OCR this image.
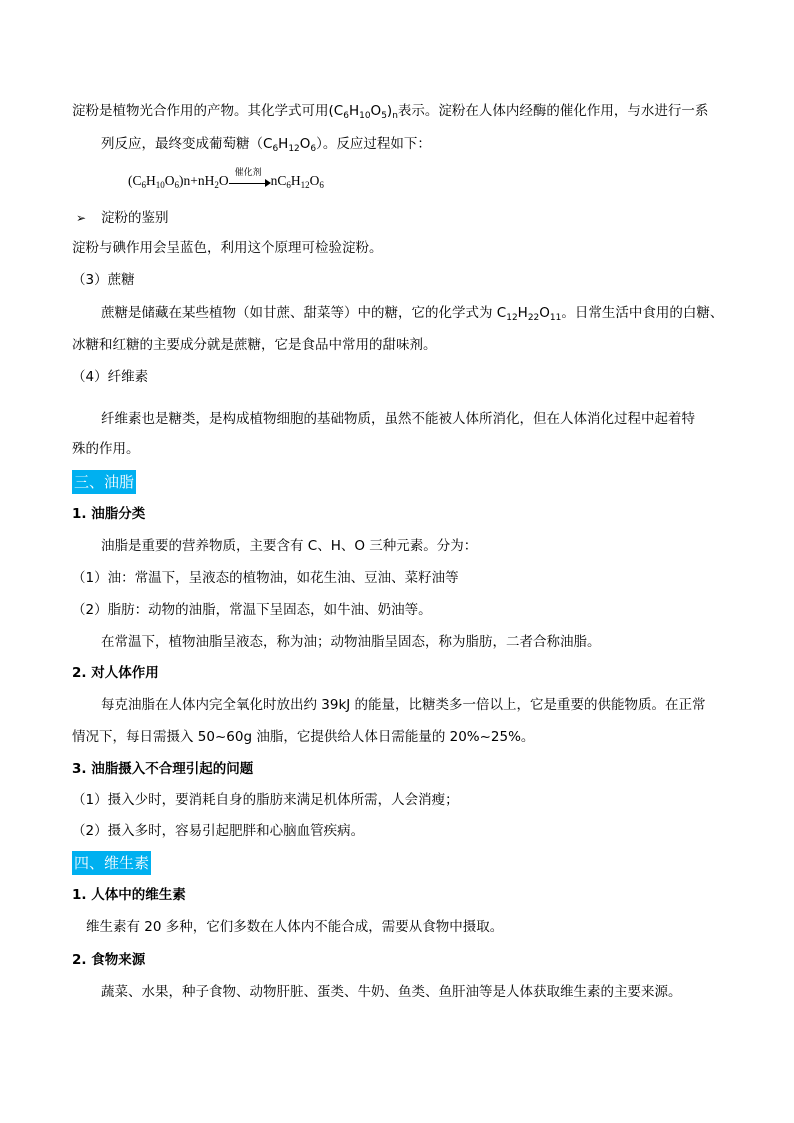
淀粉是植物光合作用的产物。其化学式可用$(C_6H_{10}O_5)_n$表示。淀粉在人体内经酶的催化作用，与水进行一系
列反应，最终变成葡萄糖$(C_6H_{12}O_6)$。反应过程如下：
$(C_6H_{10}O_6)n+nH_2O$
催化剂
$nC_6H_{12}O_6$
➢ 淀粉的鉴别
淀粉与碘作用会呈蓝色，利用这个原理可检验淀粉。
（3）蔗糖
蔗糖是储藏在某些植物（如甘蔗、甜菜等）中的糖，它的化学式为 $C_{12}H_{22}O_{11}$。日常生活中食用的白糖、
冰糖和红糖的主要成分就是蔗糖，它是食品中常用的甜味剂。
（4）纤维素
纤维素也是糖类，是构成植物细胞的基础物质，虽然不能被人体所消化，但在人体消化过程中起着特
殊的作用。
三、油脂
1. 油脂分类
油脂是重要的营养物质，主要含有 C、H、O 三种元素。分为：
（1）油：常温下，呈液态的植物油，如花生油、豆油、菜籽油等
（2）脂肪：动物的油脂，常温下呈固态，如牛油、奶油等。
在常温下，植物油脂呈液态，称为油；动物油脂呈固态，称为脂肪，二者合称油脂。
2. 对人体作用
每克油脂在人体内完全氧化时放出约 39kJ 的能量，比糖类多一倍以上，它是重要的供能物质。在正常
情况下，每日需摄入 50~60g 油脂，它提供给人体日需能量的 20%~25%。
3. 油脂摄入不合理引起的问题
（1）摄入少时，要消耗自身的脂肪来满足机体所需，人会消瘦；
（2）摄入多时，容易引起肥胖和心脑血管疾病。
四、维生素
1. 人体中的维生素
维生素有 20 多种，它们多数在人体内不能合成，需要从食物中摄取。
2. 食物来源
蔬菜、水果，种子食物、动物肝脏、蛋类、牛奶、鱼类、鱼肝油等是人体获取维生素的主要来源。
